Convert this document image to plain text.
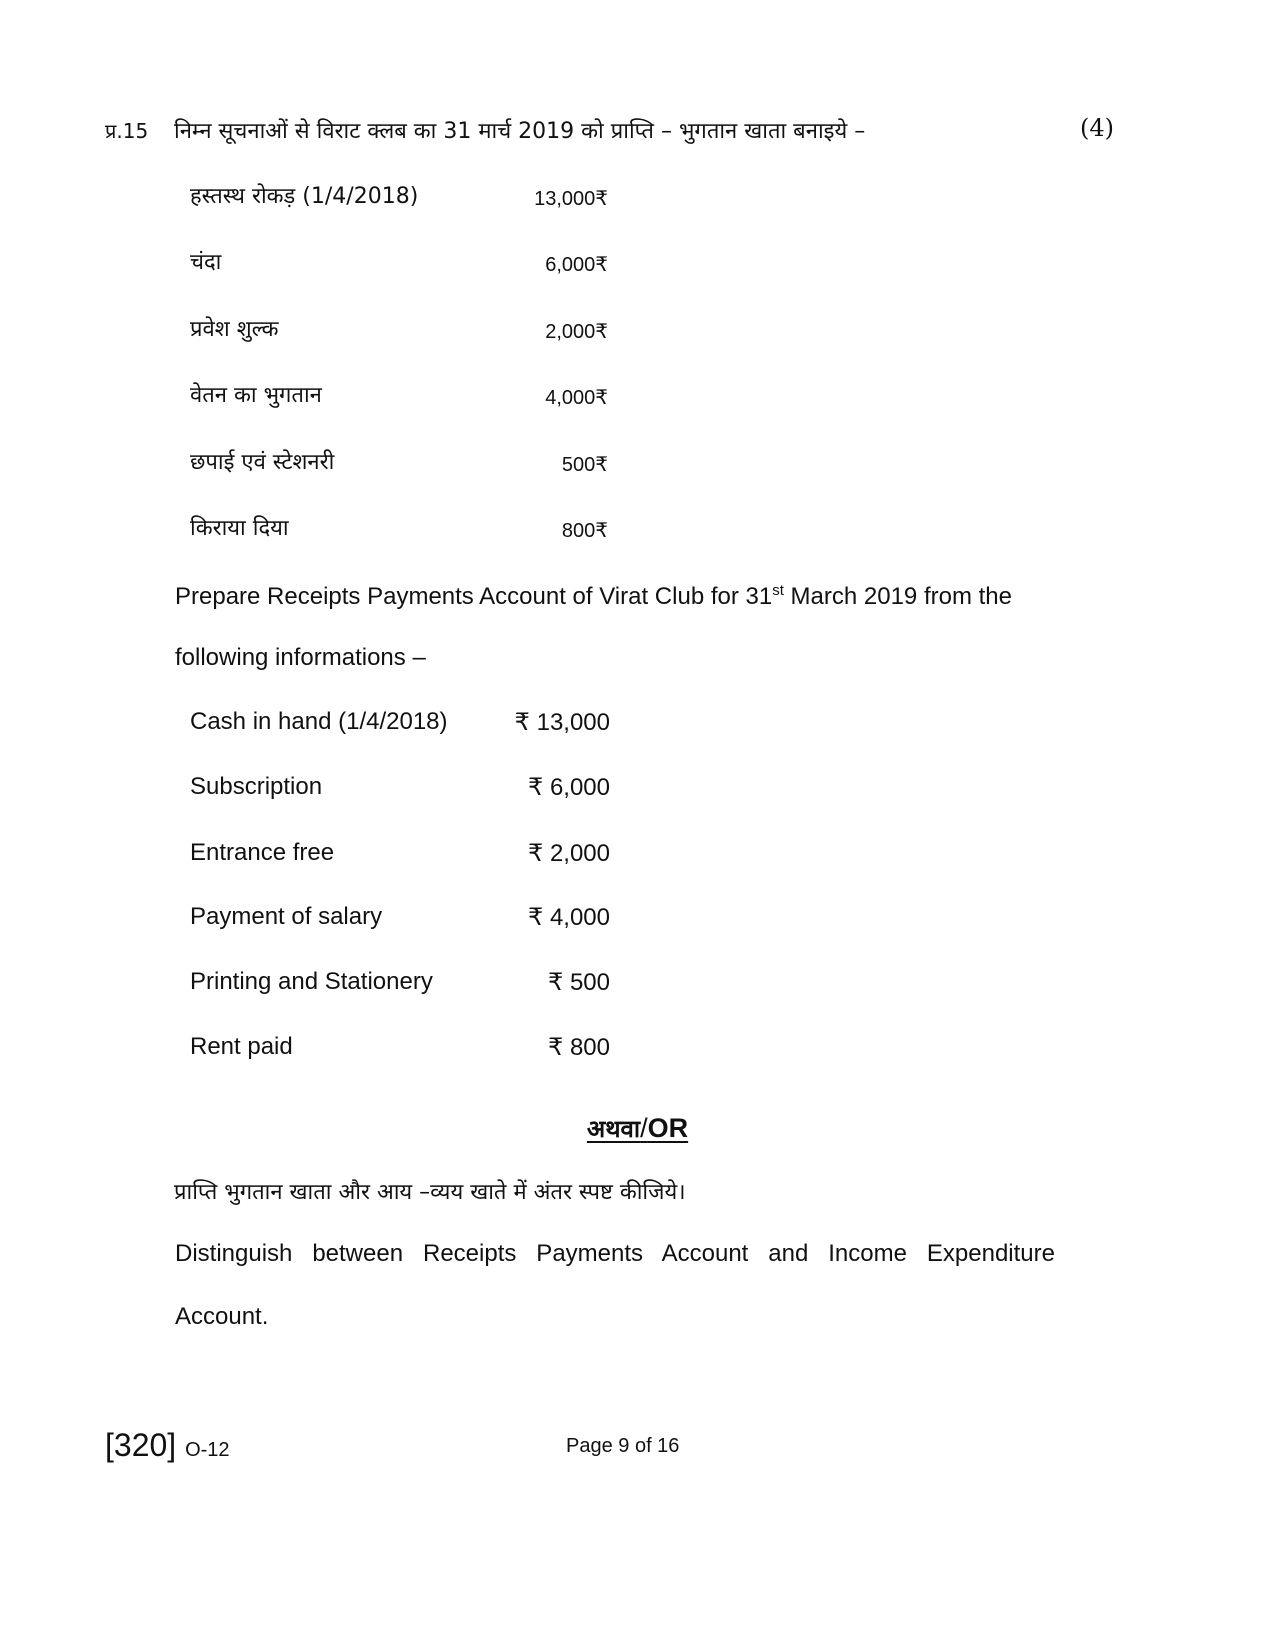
प्र.15 निम्न सूचनाओं से विराट क्लब का 31 मार्च 2019 को प्राप्ति – भुगतान खाता बनाइये –	(4)
हस्तस्थ रोकड़ (1/4/2018)	13,000₹
चंदा	6,000₹
प्रवेश शुल्क	2,000₹
वेतन का भुगतान	4,000₹
छपाई एवं स्टेशनरी	500₹
किराया दिया	800₹
Prepare Receipts Payments Account of Virat Club for 31st March 2019 from the
following informations –
Cash in hand (1/4/2018)	₹ 13,000
Subscription	₹ 6,000
Entrance free	₹ 2,000
Payment of salary	₹ 4,000
Printing and Stationery	₹ 500
Rent paid	₹ 800
अथवा/OR
प्राप्ति भुगतान खाता और आय –व्यय खाते में अंतर स्पष्ट कीजिये।
Distinguish between Receipts Payments Account and Income Expenditure
Account.
[320] O-12	Page 9 of 16
